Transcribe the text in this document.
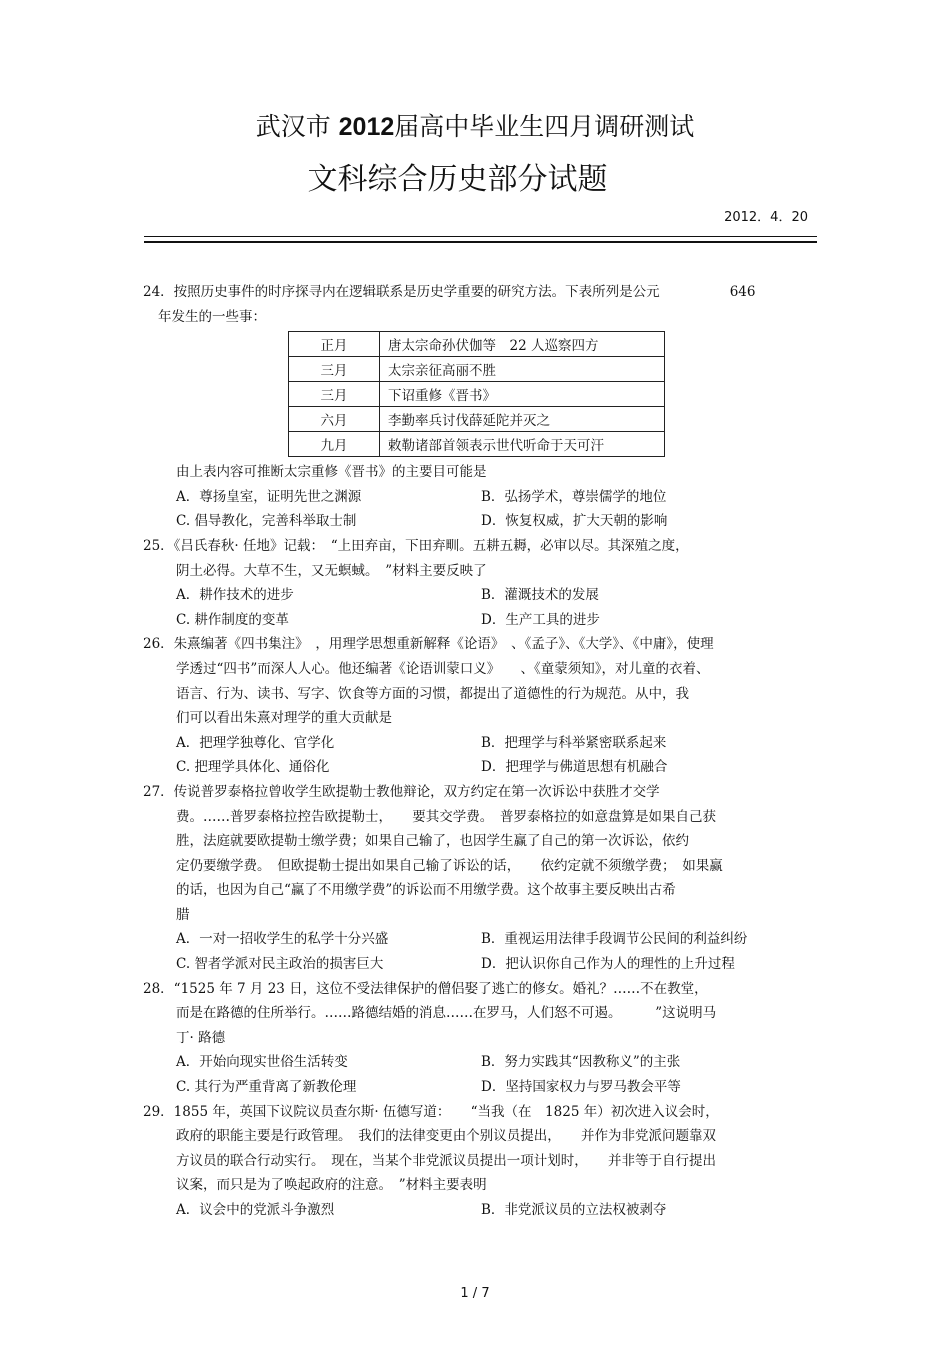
武汉市 2012届高中毕业生四月调研测试
文科综合历史部分试题
2012．4．20
24．按照历史事件的时序探寻内在逻辑联系是历史学重要的研究方法。下表所列是公元	646
年发生的一些事：
正月	唐太宗命孙伏伽等　22 人巡察四方
三月	太宗亲征高丽不胜
三月	下诏重修《晋书》
六月	李勤率兵讨伐薛延陀并灭之
九月	敕勒诸部首领表示世代听命于天可汗
由上表内容可推断太宗重修《晋书》的主要目可能是
A．尊扬皇室，证明先世之渊源	B．弘扬学术，尊崇儒学的地位
C. 倡导教化，完善科举取士制	D．恢复权威，扩大天朝的影响
25．《吕氏春秋· 任地》记载：　“上田弃亩，下田弃甽。五耕五耨，必审以尽。其深殖之度，
阴土必得。大草不生，又无螟蜮。　”材料主要反映了
A．耕作技术的进步	B．灌溉技术的发展
C. 耕作制度的变革	D．生产工具的进步
26．朱熹编著《四书集注》　，用理学思想重新解释《论语》　、《孟子》、《大学》、《中庸》，使理
学透过“四书”而深人人心。他还编著《论语训蒙口义》　　、《童蒙须知》，对儿童的衣着、
语言、行为、读书、写字、饮食等方面的习惯，都提出了道德性的行为规范。从中，我
们可以看出朱熹对理学的重大贡献是
A．把理学独尊化、官学化	B．把理学与科举紧密联系起来
C. 把理学具体化、通俗化	D．把理学与佛道思想有机融合
27．传说普罗泰格拉曾收学生欧提勒士教他辩论，双方约定在第一次诉讼中获胜才交学
费。……普罗泰格拉控告欧提勒士，　　要其交学费。　普罗泰格拉的如意盘算是如果自己获
胜，法庭就要欧提勒士缴学费；如果自己输了，也因学生赢了自己的第一次诉讼，依约
定仍要缴学费。　但欧提勒士提出如果自己输了诉讼的话，　　依约定就不须缴学费；　如果赢
的话，也因为自己“赢了不用缴学费”的诉讼而不用缴学费。这个故事主要反映出古希
腊
A．一对一招收学生的私学十分兴盛	B．重视运用法律手段调节公民间的利益纠纷
C. 智者学派对民主政治的损害巨大	D．把认识你自己作为人的理性的上升过程
28．“1525 年 7 月 23 日，这位不受法律保护的僧侣娶了逃亡的修女。婚礼？……不在教堂，
而是在路德的住所举行。……路德结婚的消息……在罗马，人们怒不可遏。　　　”这说明马
丁· 路德
A．开始向现实世俗生活转变	B．努力实践其“因教称义”的主张
C. 其行为严重背离了新教伦理	D．坚持国家权力与罗马教会平等
29．1855 年，英国下议院议员查尔斯· 伍德写道：　　“当我（在　1825 年）初次进入议会时，
政府的职能主要是行政管理。　我们的法律变更由个别议员提出，　　并作为非党派问题靠双
方议员的联合行动实行。　现在，当某个非党派议员提出一项计划时，　　并非等于自行提出
议案，而只是为了唤起政府的注意。　”材料主要表明
A．议会中的党派斗争激烈	B．非党派议员的立法权被剥夺
1 / 7
